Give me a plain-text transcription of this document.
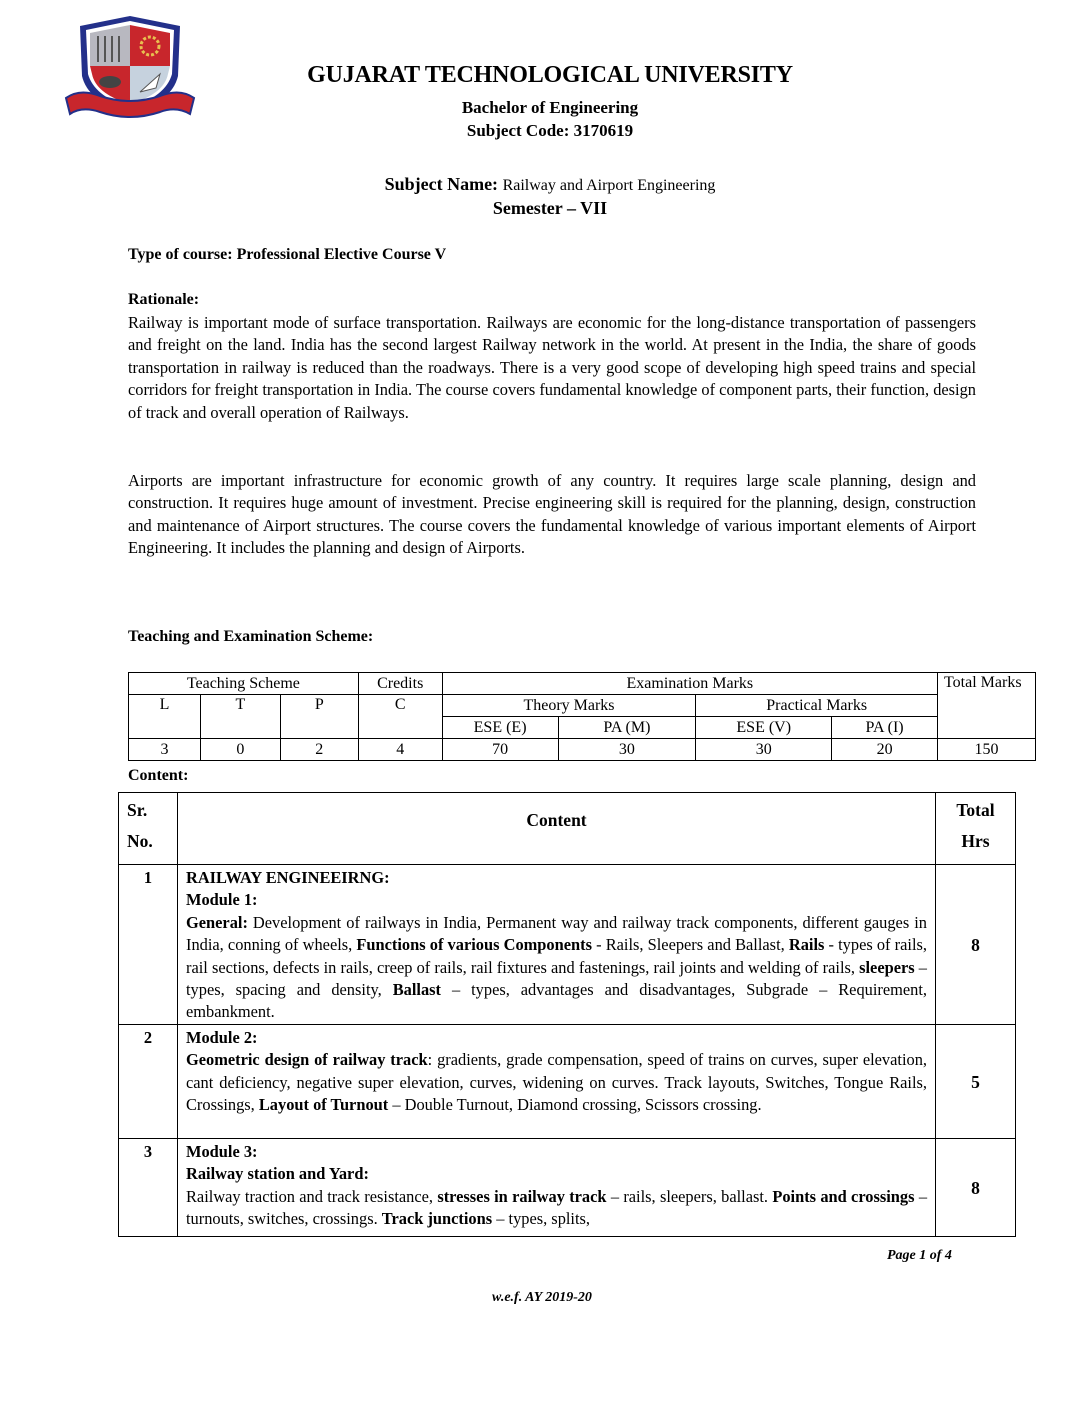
GUJARAT TECHNOLOGICAL UNIVERSITY
Bachelor of Engineering
Subject Code: 3170619
Subject Name: Railway and Airport Engineering
Semester – VII
Type of course: Professional Elective Course V
Rationale:
Railway is important mode of surface transportation. Railways are economic for the long-distance transportation of passengers and freight on the land. India has the second largest Railway network in the world. At present in the India, the share of goods transportation in railway is reduced than the roadways. There is a very good scope of developing high speed trains and special corridors for freight transportation in India. The course covers fundamental knowledge of component parts, their function, design of track and overall operation of Railways.
Airports are important infrastructure for economic growth of any country. It requires large scale planning, design and construction. It requires huge amount of investment. Precise engineering skill is required for the planning, design, construction and maintenance of Airport structures. The course covers the fundamental knowledge of various important elements of Airport Engineering. It includes the planning and design of Airports.
Teaching and Examination Scheme:
Teaching Scheme			Credits	Examination Marks				Total Marks
L	T	P	C	Theory Marks		Practical Marks		
				ESE (E)	PA (M)	ESE (V)	PA (I)	
3	0	2	4	70	30	30	20	150
Content:
Sr.
No.	Content	Total
Hrs
1	RAILWAY ENGINEEIRNG:
Module 1:
General: Development of railways in India, Permanent way and railway track components, different gauges in India, conning of wheels, Functions of various Components - Rails, Sleepers and Ballast, Rails - types of rails, rail sections, defects in rails, creep of rails, rail fixtures and fastenings, rail joints and welding of rails, sleepers – types, spacing and density, Ballast – types, advantages and disadvantages, Subgrade – Requirement, embankment.	8
2	Module 2:
Geometric design of railway track: gradients, grade compensation, speed of trains on curves, super elevation, cant deficiency, negative super elevation, curves, widening on curves. Track layouts, Switches, Tongue Rails, Crossings, Layout of Turnout – Double Turnout, Diamond crossing, Scissors crossing.	5
3	Module 3:
Railway station and Yard:
Railway traction and track resistance, stresses in railway track – rails, sleepers, ballast. Points and crossings – turnouts, switches, crossings. Track junctions – types, splits,	8
Page 1 of 4
w.e.f. AY 2019-20
